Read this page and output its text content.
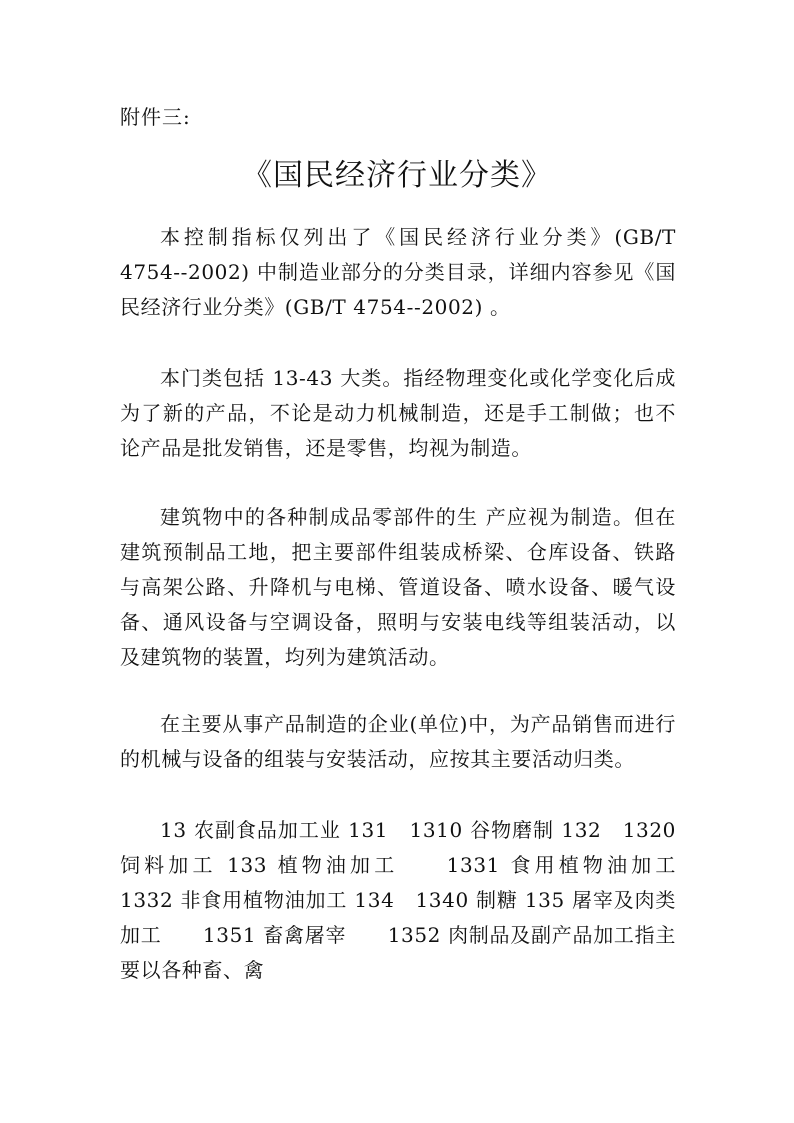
附件三:
《国民经济行业分类》

本控制指标仅列出了《国民经济行业分类》(GB/T 4754--2002) 中制造业部分的分类目录，详细内容参见《国民经济行业分类》(GB/T 4754--2002) 。

本门类包括 13-43 大类。指经物理变化或化学变化后成为了新的产品，不论是动力机械制造，还是手工制做；也不论产品是批发销售，还是零售，均视为制造。

建筑物中的各种制成品零部件的生 产应视为制造。但在建筑预制品工地，把主要部件组装成桥梁、仓库设备、铁路与高架公路、升降机与电梯、管道设备、喷水设备、暖气设备、通风设备与空调设备，照明与安装电线等组装活动，以及建筑物的装置，均列为建筑活动。

在主要从事产品制造的企业(单位)中，为产品销售而进行的机械与设备的组装与安装活动，应按其主要活动归类。

13 农副食品加工业 131　1310 谷物磨制 132　1320 饲料加工 133 植物油加工　　1331 食用植物油加工　　1332 非食用植物油加工 134　1340 制糖 135 屠宰及肉类加工　　1351 畜禽屠宰　　1352 肉制品及副产品加工指主要以各种畜、禽
